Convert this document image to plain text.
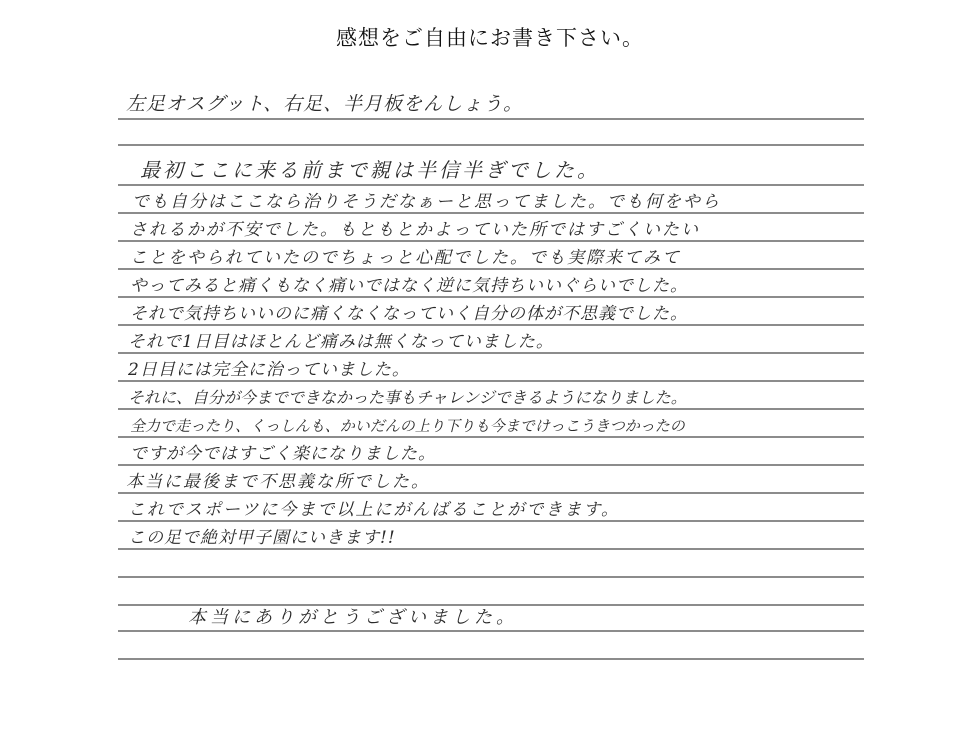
感想をご自由にお書き下さい。
左足オスグット、右足、半月板をんしょう。
最初ここに来る前まで親は半信半ぎでした。
でも自分はここなら治りそうだなぁーと思ってました。でも何をやら
されるかが不安でした。もともとかよっていた所ではすごくいたい
ことをやられていたのでちょっと心配でした。でも実際来てみて
やってみると痛くもなく痛いではなく逆に気持ちいいぐらいでした。
それで気持ちいいのに痛くなくなっていく自分の体が不思義でした。
それで1日目はほとんど痛みは無くなっていました。
2日目には完全に治っていました。
それに、自分が今までできなかった事もチャレンジできるようになりました。
全力で走ったり、くっしんも、かいだんの上り下りも今までけっこうきつかったの
ですが今ではすごく楽になりました。
本当に最後まで不思義な所でした。
これでスポーツに今まで以上にがんばることができます。
この足で絶対甲子園にいきます!!
本当にありがとうございました。
